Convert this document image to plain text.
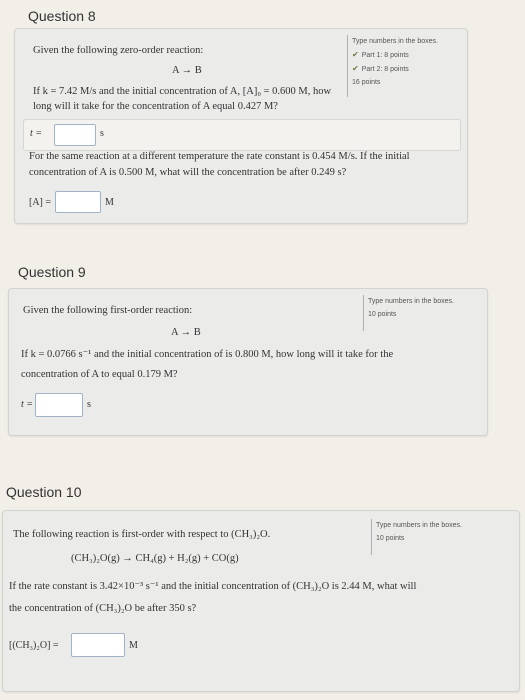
Question 8
Given the following zero-order reaction:
A → B
If k = 7.42 M/s and the initial concentration of A, [A]₀ = 0.600 M, how
long will it take for the concentration of A equal 0.427 M?
Type numbers in the boxes.
✔ Part 1: 8 points
✔ Part 2: 8 points
16 points
t =	s
For the same reaction at a different temperature the rate constant is 0.454 M/s. If the initial
concentration of A is 0.500 M, what will the concentration be after 0.249 s?
[A] =	M
Question 9
Given the following first-order reaction:
A → B
If k = 0.0766 s⁻¹ and the initial concentration of is 0.800 M, how long will it take for the
concentration of A to equal 0.179 M?
Type numbers in the boxes.
10 points
t =	s
Question 10
The following reaction is first-order with respect to (CH₃)₂O.
(CH₃)₂O(g) → CH₄(g) + H₂(g) + CO(g)
If the rate constant is 3.42×10⁻³ s⁻¹ and the initial concentration of (CH₃)₂O is 2.44 M, what will
the concentration of (CH₃)₂O be after 350 s?
Type numbers in the boxes.
10 points
[(CH₃)₂O] =	M
